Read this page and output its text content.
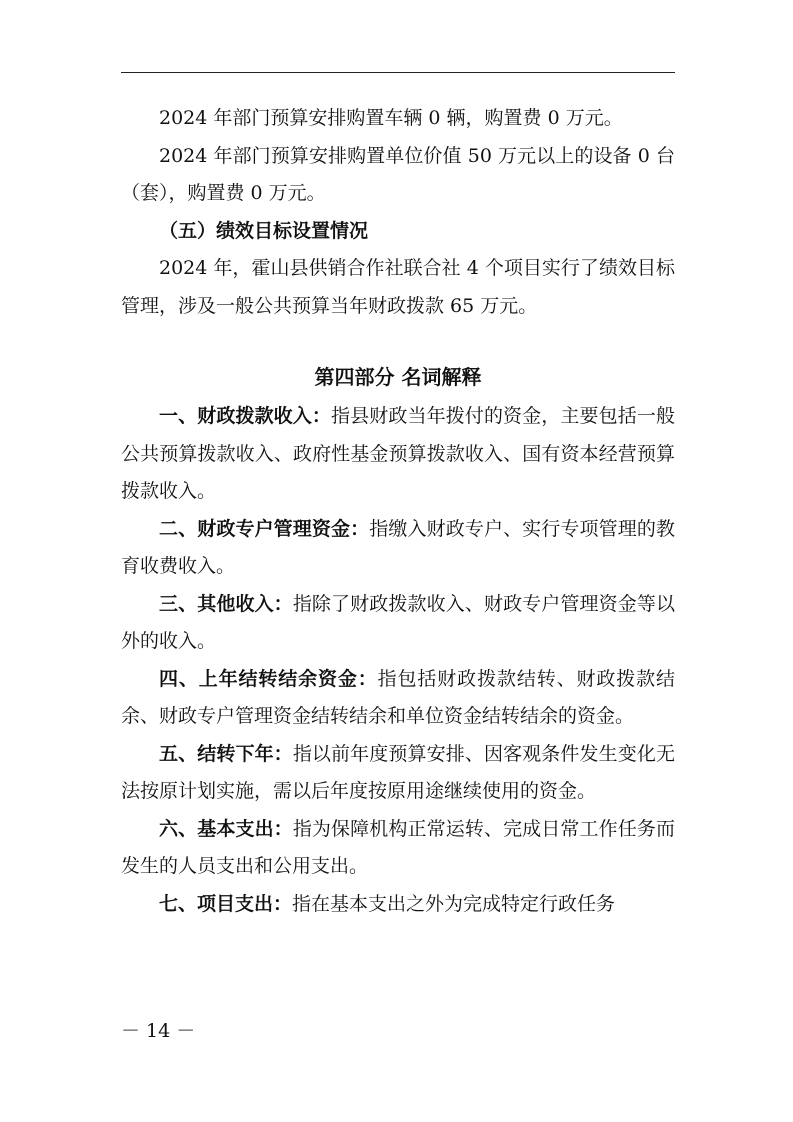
2024 年部门预算安排购置车辆 0 辆，购置费 0 万元。

2024 年部门预算安排购置单位价值 50 万元以上的设备 0 台（套），购置费 0 万元。

（五）绩效目标设置情况

2024 年，霍山县供销合作社联合社 4 个项目实行了绩效目标管理，涉及一般公共预算当年财政拨款 65 万元。

第四部分 名词解释

一、财政拨款收入：指县财政当年拨付的资金，主要包括一般公共预算拨款收入、政府性基金预算拨款收入、国有资本经营预算拨款收入。

二、财政专户管理资金：指缴入财政专户、实行专项管理的教育收费收入。

三、其他收入：指除了财政拨款收入、财政专户管理资金等以外的收入。

四、上年结转结余资金：指包括财政拨款结转、财政拨款结余、财政专户管理资金结转结余和单位资金结转结余的资金。

五、结转下年：指以前年度预算安排、因客观条件发生变化无法按原计划实施，需以后年度按原用途继续使用的资金。

六、基本支出：指为保障机构正常运转、完成日常工作任务而发生的人员支出和公用支出。

七、项目支出：指在基本支出之外为完成特定行政任务

－ 14 －
